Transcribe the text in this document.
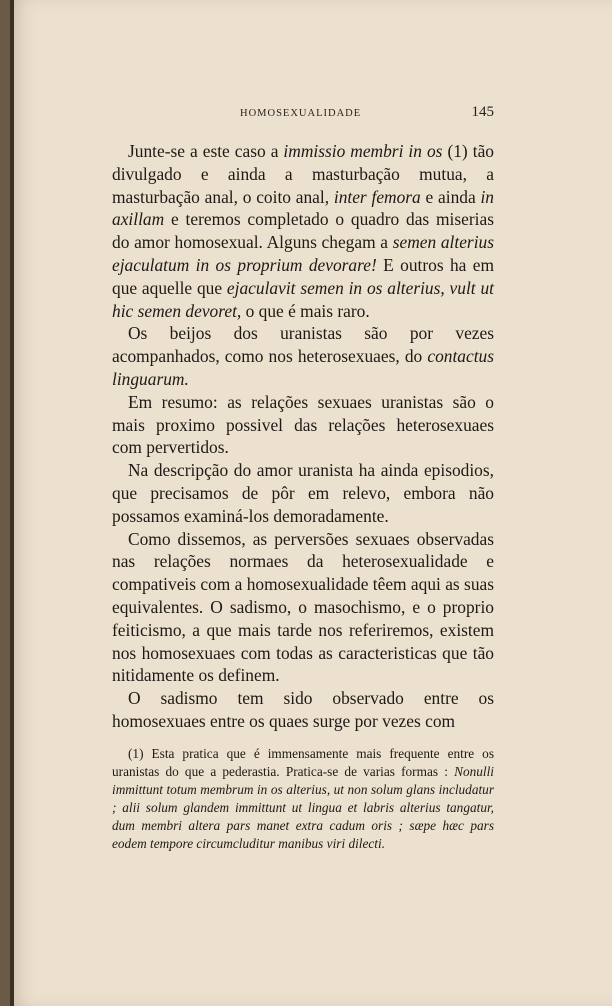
HOMOSEXUALIDADE	145

Junte-se a este caso a immissio membri in os (1) tão divulgado e ainda a masturbação mutua, a masturbação anal, o coito anal, inter femora e ainda in axillam e teremos completado o quadro das miserias do amor homosexual. Alguns chegam a semen alterius ejaculatum in os proprium devorare! E outros ha em que aquelle que ejaculavit semen in os alterius, vult ut hic semen devoret, o que é mais raro.

Os beijos dos uranistas são por vezes acompanhados, como nos heterosexuaes, do contactus linguarum.

Em resumo: as relações sexuaes uranistas são o mais proximo possivel das relações heterosexuaes com pervertidos.

Na descripção do amor uranista ha ainda episodios, que precisamos de pôr em relevo, embora não possamos examiná-los demoradamente.

Como dissemos, as perversões sexuaes observadas nas relações normaes da heterosexualidade e compativeis com a homosexualidade têem aqui as suas equivalentes. O sadismo, o masochismo, e o proprio feiticismo, a que mais tarde nos referiremos, existem nos homosexuaes com todas as caracteristicas que tão nitidamente os definem.

O sadismo tem sido observado entre os homosexuaes entre os quaes surge por vezes com

(1) Esta pratica que é immensamente mais frequente entre os uranistas do que a pederastia. Pratica-se de varias formas : Nonulli immittunt totum membrum in os alterius, ut non solum glans includatur ; alii solum glandem immittunt ut lingua et labris alterius tangatur, dum membri altera pars manet extra cadum oris ; sæpe hæc pars eodem tempore circumcluditur manibus viri dilecti.
